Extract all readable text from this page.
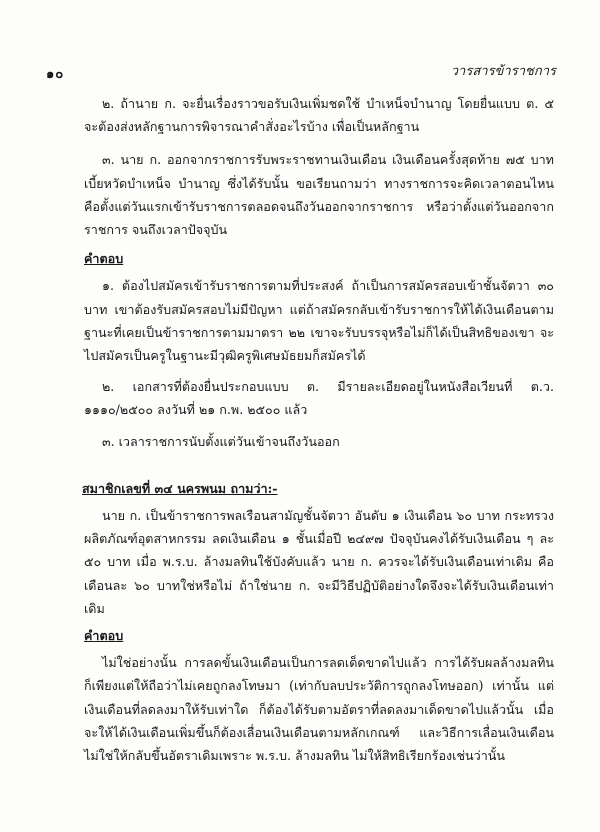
๑๐	วารสารข้าราชการ

๒. ถ้านาย ก. จะยื่นเรื่องราวขอรับเงินเพิ่มชดใช้ บำเหน็จบำนาญ โดยยื่นแบบ ต. ๕ จะต้องส่งหลักฐานการพิจารณาคำสั่งอะไรบ้าง เพื่อเป็นหลักฐาน

๓. นาย ก. ออกจากราชการรับพระราชทานเงินเดือน เงินเดือนครั้งสุดท้าย ๗๕ บาท เบี้ยหวัดบำเหน็จ บำนาญ ซึ่งได้รับนั้น ขอเรียนถามว่า ทางราชการจะคิดเวลาตอนไหน คือตั้งแต่วันแรกเข้ารับราชการตลอดจนถึงวันออกจากราชการ หรือว่าตั้งแต่วันออกจากราชการ จนถึงเวลาปัจจุบัน

คำตอบ

๑. ต้องไปสมัครเข้ารับราชการตามที่ประสงค์ ถ้าเป็นการสมัครสอบเข้าชั้นจัตวา ๓๐ บาท เขาต้องรับสมัครสอบไม่มีปัญหา แต่ถ้าสมัครกลับเข้ารับราชการให้ได้เงินเดือนตามฐานะที่เคยเป็นข้าราชการตามมาตรา ๒๒ เขาจะรับบรรจุหรือไม่ก็ได้เป็นสิทธิของเขา จะไปสมัครเป็นครูในฐานะมีวุฒิครูพิเศษมัธยมก็สมัครได้

๒. เอกสารที่ต้องยื่นประกอบแบบ ต. มีรายละเอียดอยู่ในหนังสือเวียนที่ ต.ว. ๑๑๑๐/๒๕๐๐ ลงวันที่ ๒๑ ก.พ. ๒๕๐๐ แล้ว

๓. เวลาราชการนับตั้งแต่วันเข้าจนถึงวันออก

สมาชิกเลขที่ ๓๔ นครพนม ถามว่า:-

นาย ก. เป็นข้าราชการพลเรือนสามัญชั้นจัตวา อันดับ ๑ เงินเดือน ๖๐ บาท กระทรวงผลิตภัณฑ์อุตสาหกรรม ลดเงินเดือน ๑ ชั้นเมื่อปี ๒๔๙๗ ปัจจุบันคงได้รับเงินเดือน ๆ ละ ๕๐ บาท เมื่อ พ.ร.บ. ล้างมลทินใช้บังคับแล้ว นาย ก. ควรจะได้รับเงินเดือนเท่าเดิม คือเดือนละ ๖๐ บาทใช่หรือไม่ ถ้าใช่นาย ก. จะมีวิธีปฏิบัติอย่างใดจึงจะได้รับเงินเดือนเท่าเดิม

คำตอบ

ไม่ใช่อย่างนั้น การลดขั้นเงินเดือนเป็นการลดเด็ดขาดไปแล้ว การได้รับผลล้างมลทินก็เพียงแต่ให้ถือว่าไม่เคยถูกลงโทษมา (เท่ากับลบประวัติการถูกลงโทษออก) เท่านั้น แต่เงินเดือนที่ลดลงมาให้รับเท่าใด ก็ต้องได้รับตามอัตราที่ลดลงมาเด็ดขาดไปแล้วนั้น เมื่อจะให้ได้เงินเดือนเพิ่มขึ้นก็ต้องเลื่อนเงินเดือนตามหลักเกณฑ์ และวิธีการเลื่อนเงินเดือน ไม่ใช่ให้กลับขึ้นอัตราเดิมเพราะ พ.ร.บ. ล้างมลทิน ไม่ให้สิทธิเรียกร้องเช่นว่านั้น
